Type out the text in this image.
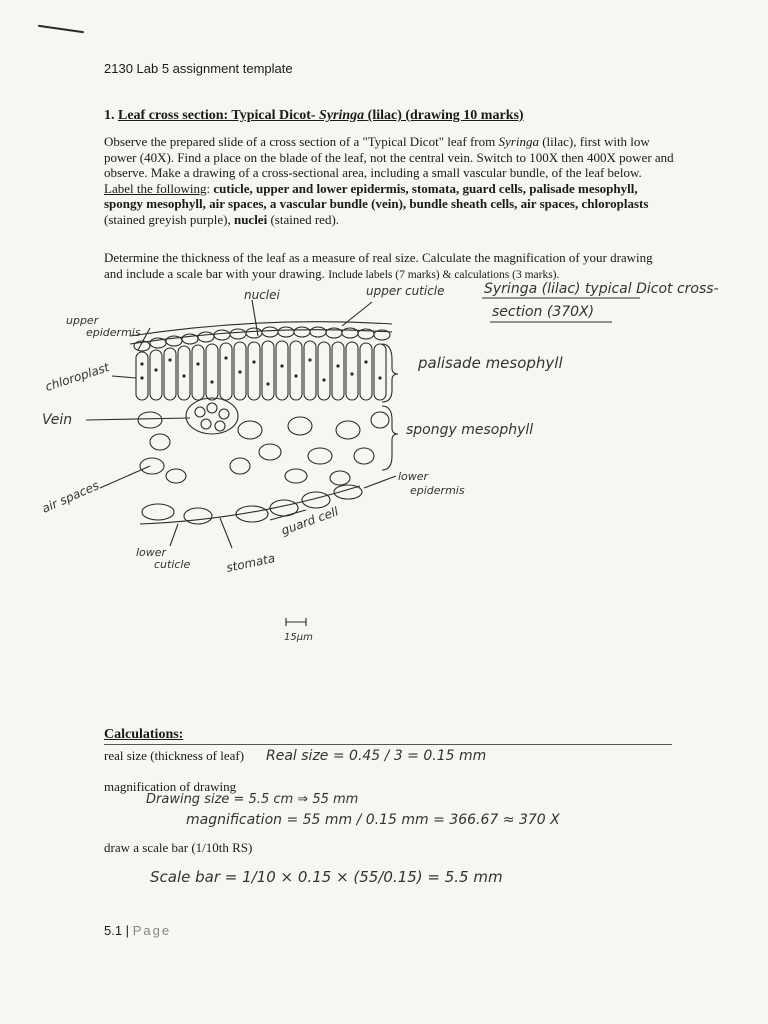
2130 Lab 5 assignment template
1. Leaf cross section: Typical Dicot- Syringa (lilac) (drawing 10 marks)
Observe the prepared slide of a cross section of a "Typical Dicot" leaf from Syringa (lilac), first with low power (40X). Find a place on the blade of the leaf, not the central vein. Switch to 100X then 400X power and observe. Make a drawing of a cross-sectional area, including a small vascular bundle, of the leaf below. Label the following: cuticle, upper and lower epidermis, stomata, guard cells, palisade mesophyll, spongy mesophyll, air spaces, a vascular bundle (vein), bundle sheath cells, air spaces, chloroplasts (stained greyish purple), nuclei (stained red).
Determine the thickness of the leaf as a measure of real size. Calculate the magnification of your drawing and include a scale bar with your drawing. Include labels (7 marks) & calculations (3 marks).
Syringa (lilac) typical Dicot cross-
section (370X)
nuclei	upper cuticle
upper
epidermis
chloroplast
Vein
air spaces
lower
cuticle	stomata
guard cell
lower
epidermis
palisade mesophyll
spongy mesophyll
15µm
Calculations:
real size (thickness of leaf) Real size = 0.45 / 3 = 0.15 mm
magnification of drawing
Drawing size = 5.5 cm ⇒ 55 mm
magnification = 55 mm / 0.15 mm = 366.67 ≈ 370 X
draw a scale bar (1/10th RS)
Scale bar = 1/10 × 0.15 × (55/0.15) = 5.5 mm
5.1 | Page
